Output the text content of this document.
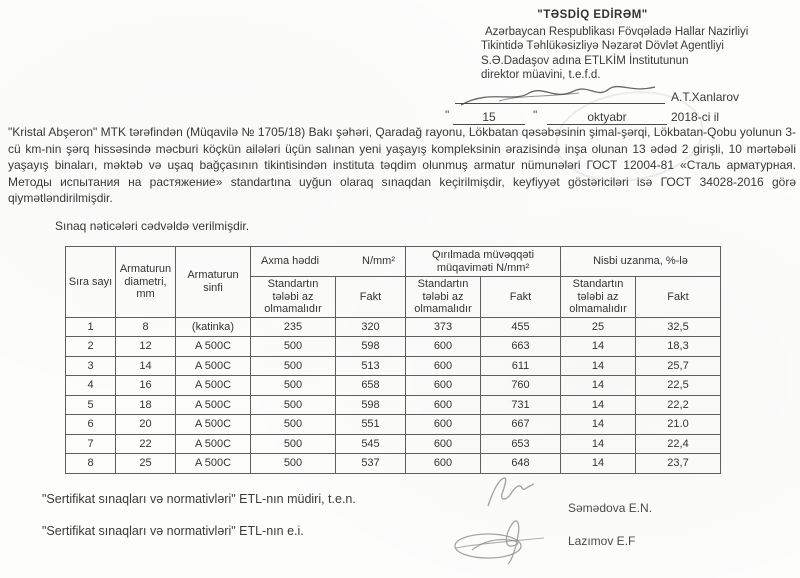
"TƏSDİQ EDİRƏM"
Azərbaycan Respublikası Fövqəladə Hallar Nazirliyi
Tikintidə Təhlükəsizliyə Nəzarət Dövlət Agentliyi
S.Ə.Dadaşov adına ETLKİM İnstitutunun
direktor müavini, t.e.f.d.
A.T.Xanlarov
"	15	"	oktyabr	2018-ci il

"Kristal Abşeron" MTK tərəfindən (Müqavilə № 1705/18) Bakı şəhəri, Qaradağ rayonu, Lökbatan qəsəbəsinin şimal-şərqi, Lökbatan-Qobu yolunun 3-cü km-nin şərq hissəsində məcburi köçkün ailələri üçün salınan yeni yaşayış kompleksinin ərazisində inşa olunan 13 ədəd 2 girişli, 10 mərtəbəli yaşayış binaları, məktəb və uşaq bağçasının tikintisindən instituta təqdim olunmuş armatur nümunələri ГОСТ 12004-81 «Сталь арматурная. Методы испытания на растяжение» standartına uyğun olaraq sınaqdan keçirilmişdir, keyfiyyət göstəriciləri isə ГОСТ 34028-2016 görə qiymətləndirilmişdir.

Sınaq nəticələri cədvəldə verilmişdir.

Sıra sayı	Armaturun diametri, mm	Armaturun sinfi	Axma həddi N/mm²		Qırılmada müvəqqəti müqaviməti N/mm²		Nisbi uzanma, %-lə	
			Standartın tələbi az olmamalıdır	Fakt	Standartın tələbi az olmamalıdır	Fakt	Standartın tələbi az olmamalıdır	Fakt
1	8	(katinka)	235	320	373	455	25	32,5
2	12	A 500C	500	598	600	663	14	18,3
3	14	A 500C	500	513	600	611	14	25,7
4	16	A 500C	500	658	600	760	14	22,5
5	18	A 500C	500	598	600	731	14	22,2
6	20	A 500C	500	551	600	667	14	21.0
7	22	A 500C	500	545	600	653	14	22,4
8	25	A 500C	500	537	600	648	14	23,7
"Sertifikat sınaqları və normativləri" ETL-nın müdiri, t.e.n.
"Sertifikat sınaqları və normativləri" ETL-nın e.i.
Səmədova E.N.
Lazımov E.F
